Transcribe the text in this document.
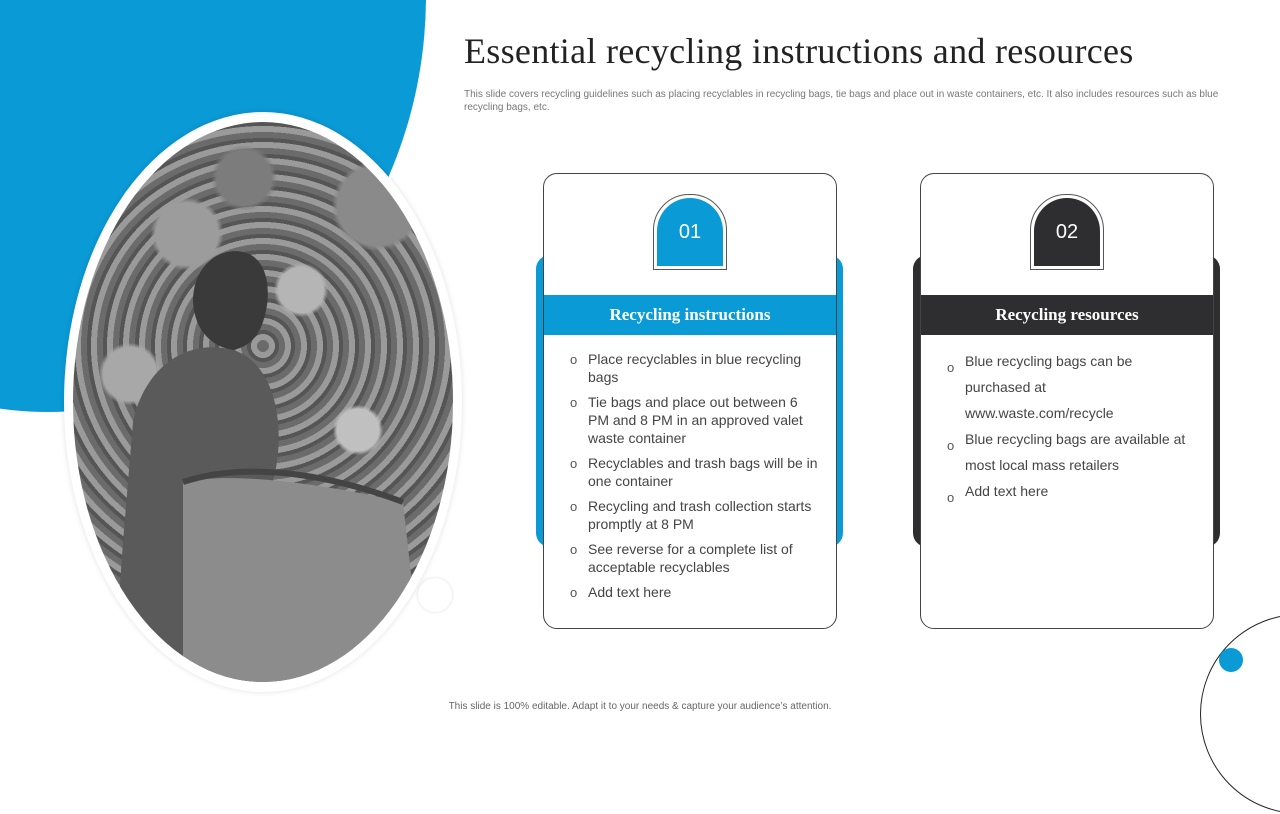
Essential recycling instructions and resources

This slide covers recycling guidelines such as placing recyclables in recycling bags, tie bags and place out in waste containers, etc. It also includes resources such as blue recycling bags, etc.

01
Recycling instructions
o Place recyclables in blue recycling bags
o Tie bags and place out between 6 PM and 8 PM in an approved valet waste container
o Recyclables and trash bags will be in one container
o Recycling and trash collection starts promptly at 8 PM
o See reverse for a complete list of acceptable recyclables
o Add text here
02
Recycling resources
o Blue recycling bags can be purchased at www.waste.com/recycle
o Blue recycling bags are available at most local mass retailers
o Add text here

This slide is 100% editable. Adapt it to your needs & capture your audience’s attention.
